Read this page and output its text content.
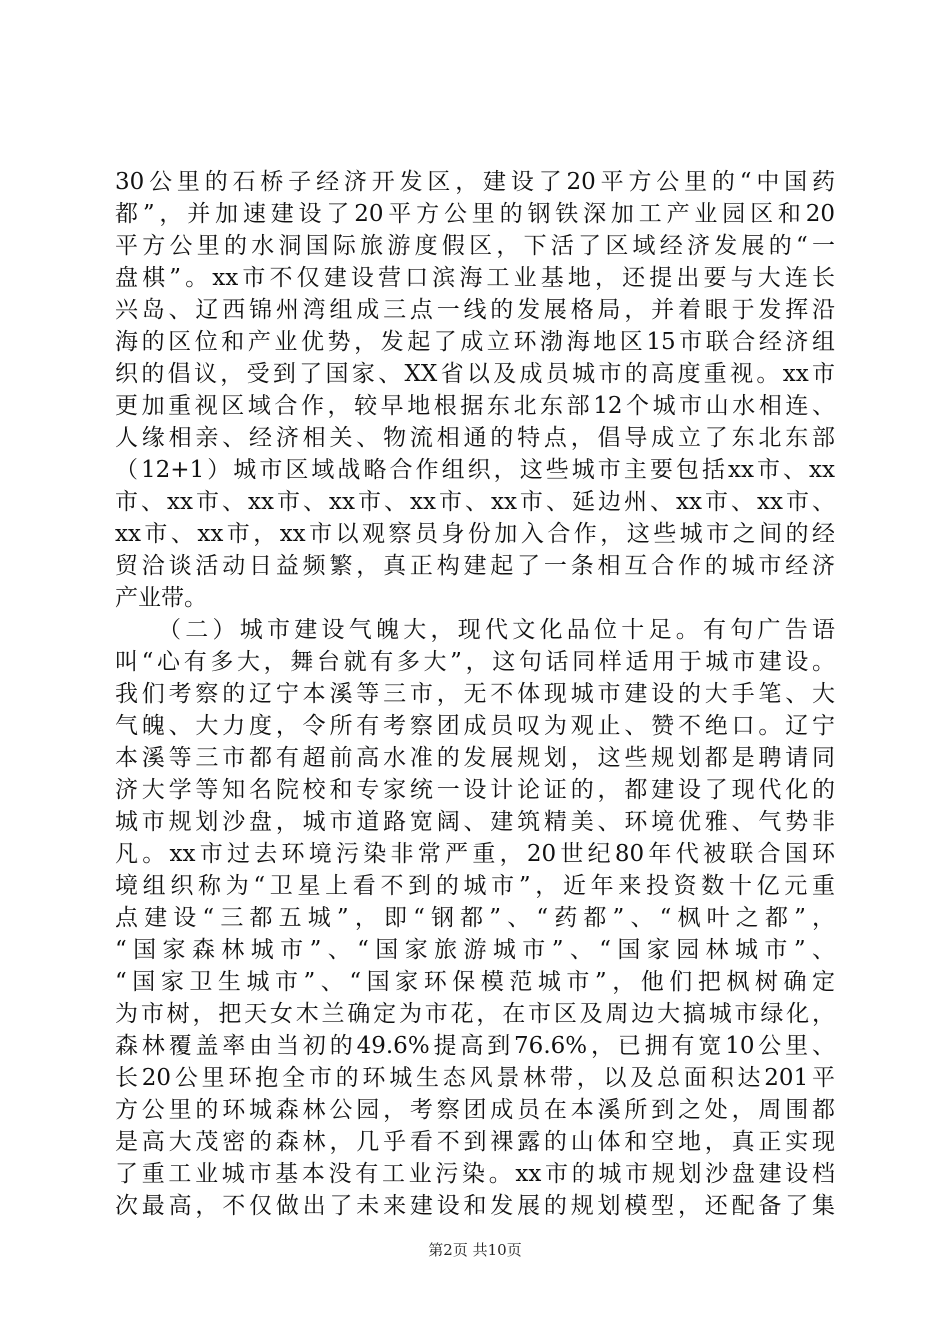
30公里的石桥子经济开发区，建设了20平方公里的“中国药
都”，并加速建设了20平方公里的钢铁深加工产业园区和20
平方公里的水洞国际旅游度假区，下活了区域经济发展的“一
盘棋”。xx市不仅建设营口滨海工业基地，还提出要与大连长
兴岛、辽西锦州湾组成三点一线的发展格局，并着眼于发挥沿
海的区位和产业优势，发起了成立环渤海地区15市联合经济组
织的倡议，受到了国家、XX省以及成员城市的高度重视。xx市
更加重视区域合作，较早地根据东北东部12个城市山水相连、
人缘相亲、经济相关、物流相通的特点，倡导成立了东北东部
（12+1）城市区域战略合作组织，这些城市主要包括xx市、xx
市、xx市、xx市、xx市、xx市、xx市、延边州、xx市、xx市、
xx市、xx市，xx市以观察员身份加入合作，这些城市之间的经
贸洽谈活动日益频繁，真正构建起了一条相互合作的城市经济
产业带。
　　（二）城市建设气魄大，现代文化品位十足。有句广告语
叫“心有多大，舞台就有多大”，这句话同样适用于城市建设。
我们考察的辽宁本溪等三市，无不体现城市建设的大手笔、大
气魄、大力度，令所有考察团成员叹为观止、赞不绝口。辽宁
本溪等三市都有超前高水准的发展规划，这些规划都是聘请同
济大学等知名院校和专家统一设计论证的，都建设了现代化的
城市规划沙盘，城市道路宽阔、建筑精美、环境优雅、气势非
凡。xx市过去环境污染非常严重，20世纪80年代被联合国环
境组织称为“卫星上看不到的城市”，近年来投资数十亿元重
点建设“三都五城”，即“钢都”、“药都”、“枫叶之都”，
“国家森林城市”、“国家旅游城市”、“国家园林城市”、
“国家卫生城市”、“国家环保模范城市”，他们把枫树确定
为市树，把天女木兰确定为市花，在市区及周边大搞城市绿化，
森林覆盖率由当初的49.6%提高到76.6%，已拥有宽10公里、
长20公里环抱全市的环城生态风景林带，以及总面积达201平
方公里的环城森林公园，考察团成员在本溪所到之处，周围都
是高大茂密的森林，几乎看不到裸露的山体和空地，真正实现
了重工业城市基本没有工业污染。xx市的城市规划沙盘建设档
次最高，不仅做出了未来建设和发展的规划模型，还配备了集
第2页 共10页
